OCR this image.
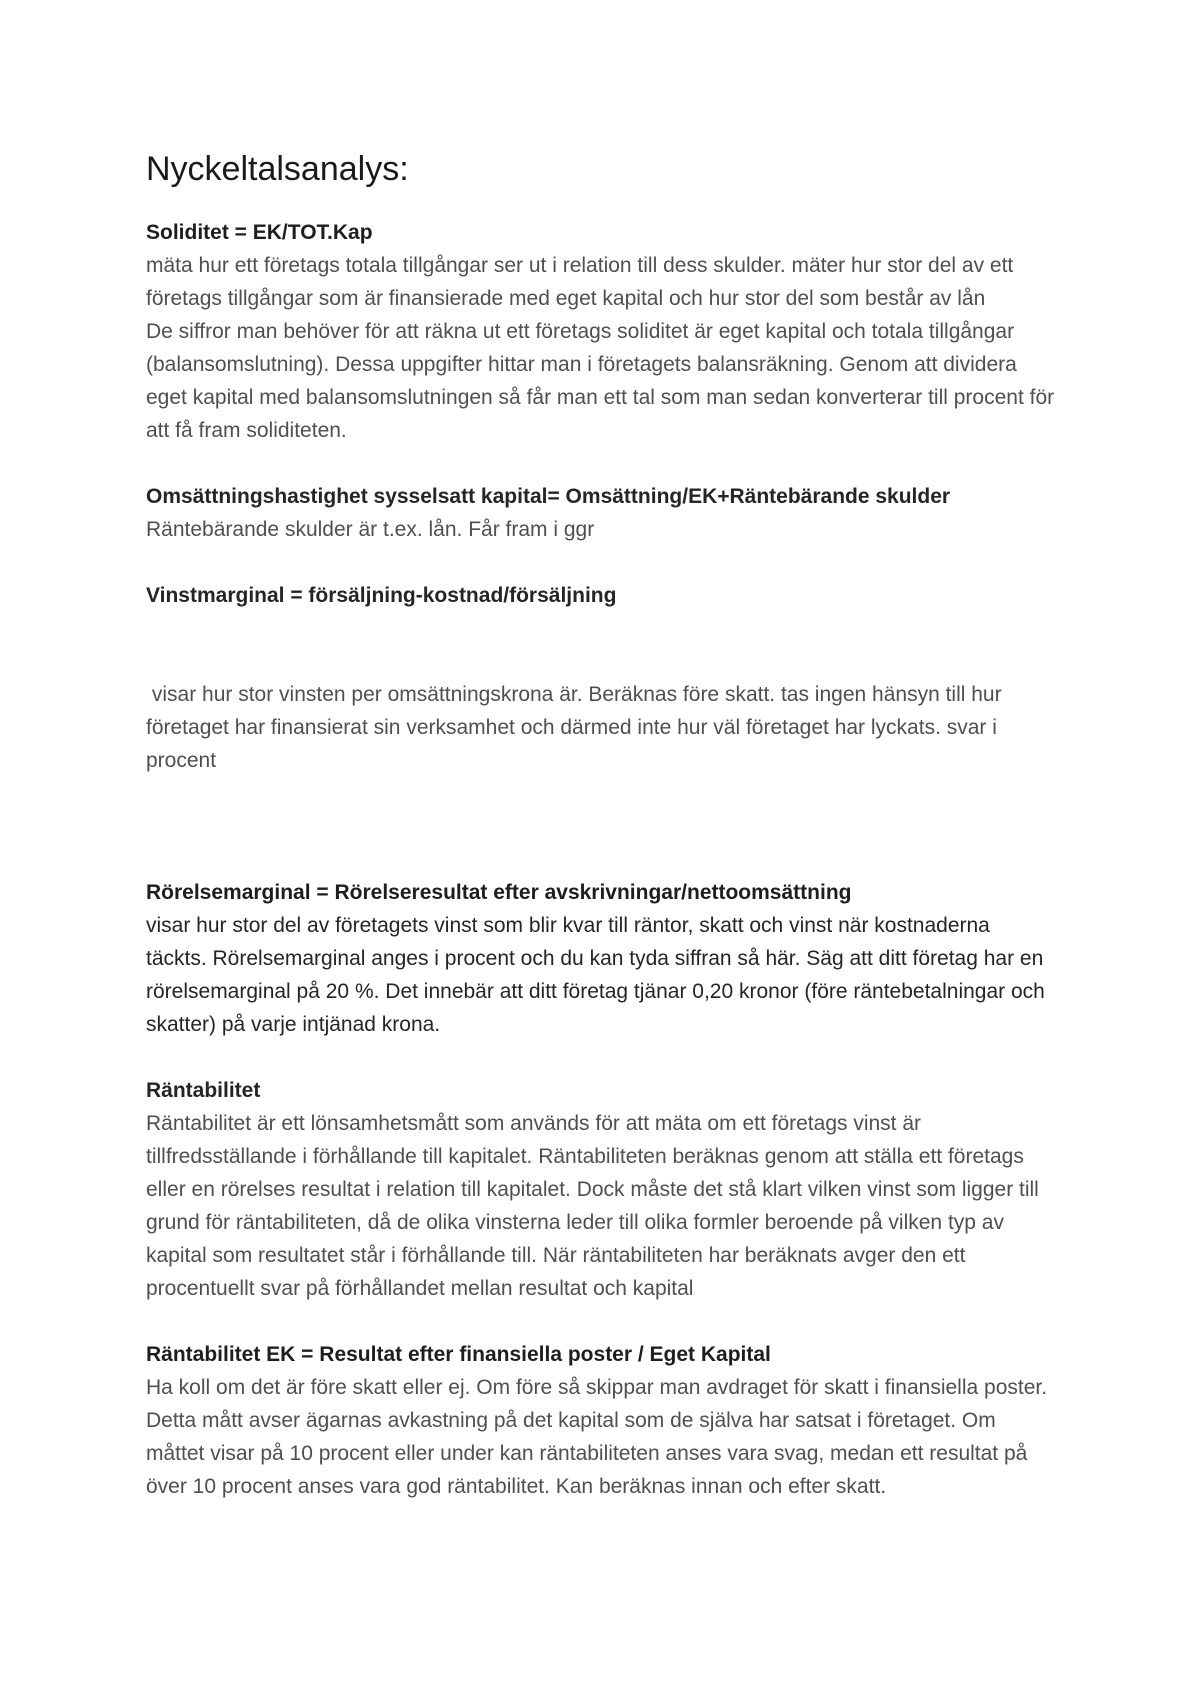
Nyckeltalsanalys:

Soliditet = EK/TOT.Kap

mäta hur ett företags totala tillgångar ser ut i relation till dess skulder. mäter hur stor del av ett företags tillgångar som är finansierade med eget kapital och hur stor del som består av lån
De siffror man behöver för att räkna ut ett företags soliditet är eget kapital och totala tillgångar (balansomslutning). Dessa uppgifter hittar man i företagets balansräkning. Genom att dividera eget kapital med balansomslutningen så får man ett tal som man sedan konverterar till procent för att få fram soliditeten.

Omsättningshastighet sysselsatt kapital= Omsättning/EK+Räntebärande skulder

Räntebärande skulder är t.ex. lån. Får fram i ggr

Vinstmarginal = försäljning-kostnad/försäljning

visar hur stor vinsten per omsättningskrona är. Beräknas före skatt. tas ingen hänsyn till hur företaget har finansierat sin verksamhet och därmed inte hur väl företaget har lyckats. svar i procent

Rörelsemarginal = Rörelseresultat efter avskrivningar/nettoomsättning

visar hur stor del av företagets vinst som blir kvar till räntor, skatt och vinst när kostnaderna täckts. Rörelsemarginal anges i procent och du kan tyda siffran så här. Säg att ditt företag har en rörelsemarginal på 20 %. Det innebär att ditt företag tjänar 0,20 kronor (före räntebetalningar och skatter) på varje intjänad krona.

Räntabilitet

Räntabilitet är ett lönsamhetsmått som används för att mäta om ett företags vinst är tillfredsställande i förhållande till kapitalet. Räntabiliteten beräknas genom att ställa ett företags eller en rörelses resultat i relation till kapitalet. Dock måste det stå klart vilken vinst som ligger till grund för räntabiliteten, då de olika vinsterna leder till olika formler beroende på vilken typ av kapital som resultatet står i förhållande till. När räntabiliteten har beräknats avger den ett procentuellt svar på förhållandet mellan resultat och kapital

Räntabilitet EK = Resultat efter finansiella poster / Eget Kapital

Ha koll om det är före skatt eller ej. Om före så skippar man avdraget för skatt i finansiella poster. Detta mått avser ägarnas avkastning på det kapital som de själva har satsat i företaget. Om måttet visar på 10 procent eller under kan räntabiliteten anses vara svag, medan ett resultat på över 10 procent anses vara god räntabilitet. Kan beräknas innan och efter skatt.
